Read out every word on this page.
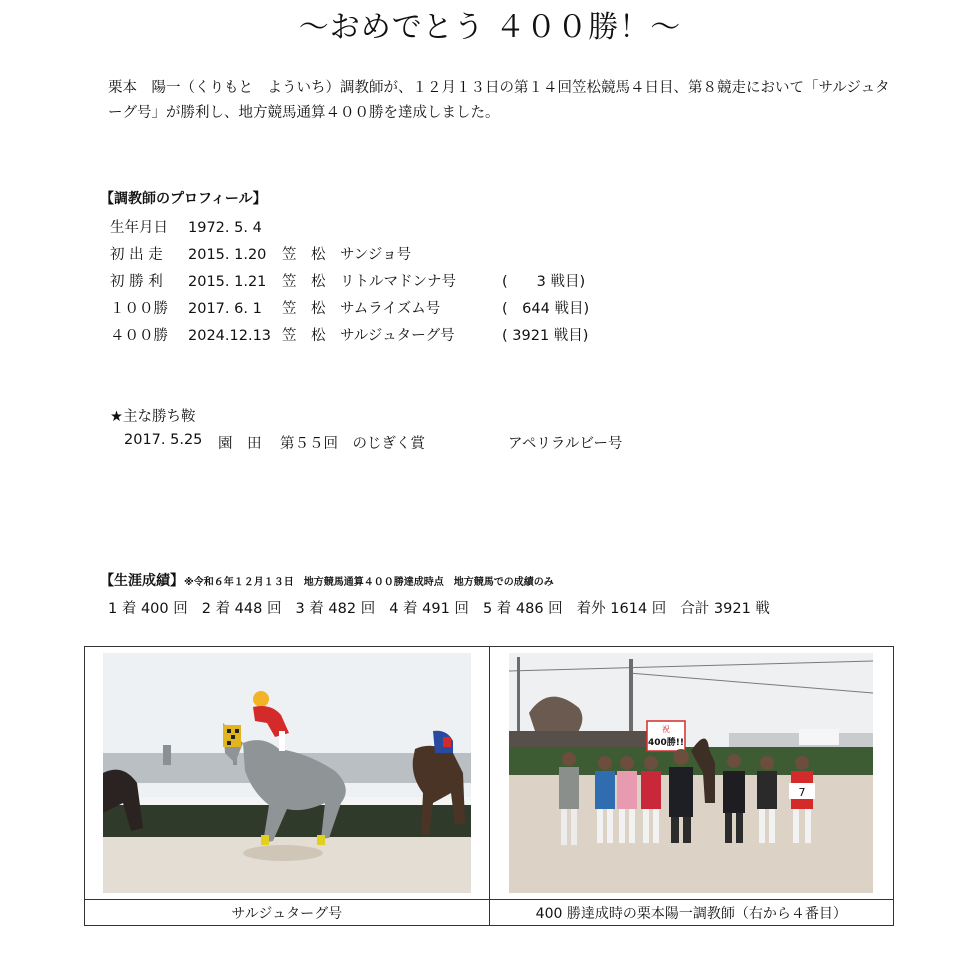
～おめでとう ４００勝！～
栗本　陽一（くりもと　よういち）調教師が、１２月１３日の第１４回笠松競馬４日目、第８競走において「サルジュターグ号」が勝利し、地方競馬通算４００勝を達成しました。
【調教師のプロフィール】
生年月日 1972. 5. 4
初 出 走 2015. 1.20 笠　松 サンジョ号
初 勝 利 2015. 1.21 笠　松 リトルマドンナ号	(　　3 戦目)
１００勝 2017. 6. 1 笠　松 サムライズム号	(　644 戦目)
４００勝 2024.12.13 笠　松 サルジュターグ号	( 3921 戦目)
★主な勝ち鞍
2017. 5.25 園　田 第５５回　のじぎく賞	アペリラルビー号
【生涯成績】※令和６年１２月１３日　地方競馬通算４００勝達成時点　地方競馬での成績のみ
1 着 400 回 2 着 448 回 3 着 482 回 4 着 491 回 5 着 486 回 着外 1614 回 合計 3921 戦

祝
400勝!!
7

サルジュターグ号	400 勝達成時の栗本陽一調教師（右から４番目）
